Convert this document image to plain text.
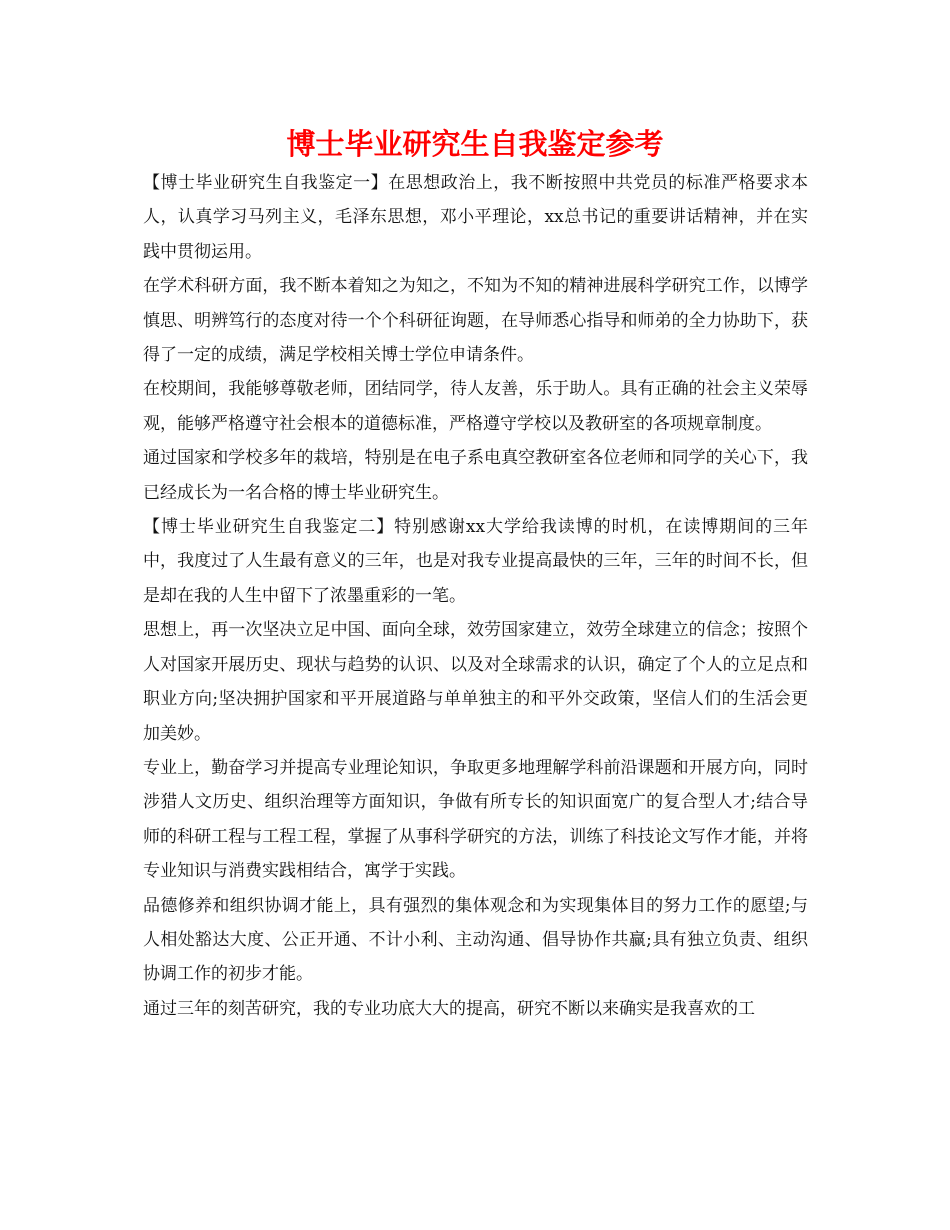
博士毕业研究生自我鉴定参考

【博士毕业研究生自我鉴定一】在思想政治上，我不断按照中共党员的标准严格要求本人，认真学习马列主义，毛泽东思想，邓小平理论，xx总书记的重要讲话精神，并在实践中贯彻运用。

在学术科研方面，我不断本着知之为知之，不知为不知的精神进展科学研究工作，以博学慎思、明辨笃行的态度对待一个个科研征询题，在导师悉心指导和师弟的全力协助下，获得了一定的成绩，满足学校相关博士学位申请条件。

在校期间，我能够尊敬老师，团结同学，待人友善，乐于助人。具有正确的社会主义荣辱观，能够严格遵守社会根本的道德标准，严格遵守学校以及教研室的各项规章制度。

通过国家和学校多年的栽培，特别是在电子系电真空教研室各位老师和同学的关心下，我已经成长为一名合格的博士毕业研究生。

【博士毕业研究生自我鉴定二】特别感谢xx大学给我读博的时机，在读博期间的三年中，我度过了人生最有意义的三年，也是对我专业提高最快的三年，三年的时间不长，但是却在我的人生中留下了浓墨重彩的一笔。

思想上，再一次坚决立足中国、面向全球，效劳国家建立，效劳全球建立的信念；按照个人对国家开展历史、现状与趋势的认识、以及对全球需求的认识，确定了个人的立足点和职业方向;坚决拥护国家和平开展道路与单单独主的和平外交政策，坚信人们的生活会更加美妙。

专业上，勤奋学习并提高专业理论知识，争取更多地理解学科前沿课题和开展方向，同时涉猎人文历史、组织治理等方面知识，争做有所专长的知识面宽广的复合型人才;结合导师的科研工程与工程工程，掌握了从事科学研究的方法，训练了科技论文写作才能，并将专业知识与消费实践相结合，寓学于实践。

品德修养和组织协调才能上，具有强烈的集体观念和为实现集体目的努力工作的愿望;与人相处豁达大度、公正开通、不计小利、主动沟通、倡导协作共赢;具有独立负责、组织协调工作的初步才能。

通过三年的刻苦研究，我的专业功底大大的提高，研究不断以来确实是我喜欢的工
